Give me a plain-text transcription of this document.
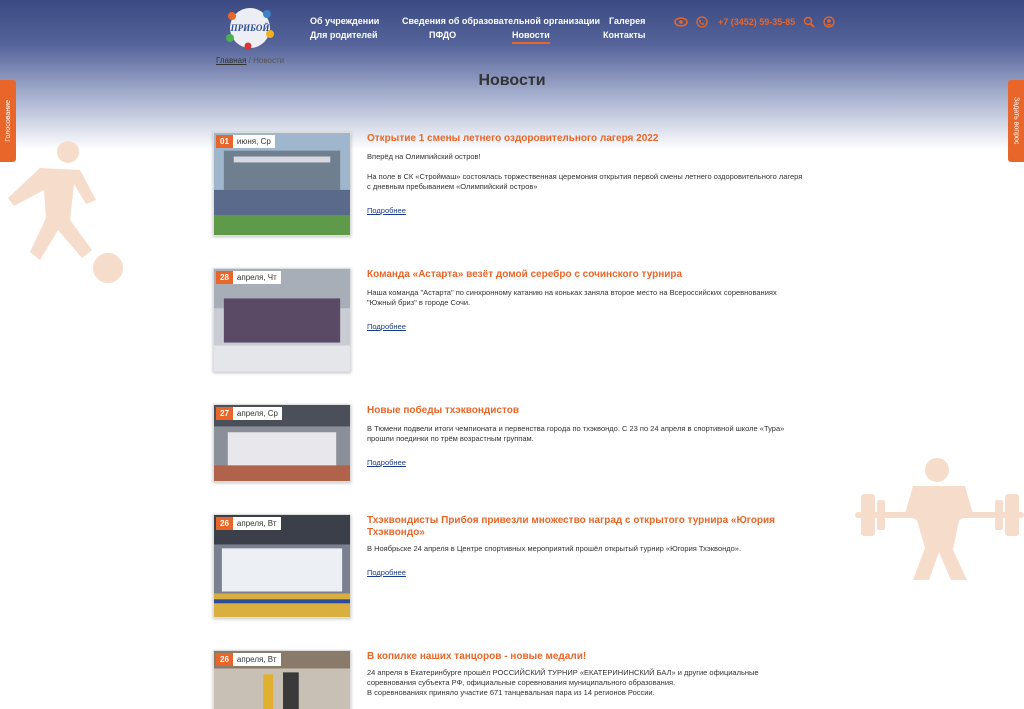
ПРИБОЙ
Об учреждении	Сведения об образовательной организации Галерея
Для родителей	ПФДО	Новости	Контакты
+7 (3452) 59-35-85
Главная / Новости
Новости
Голосование	Задать вопрос
01	июня, Ср	Открытие 1 смены летнего оздоровительного лагеря 2022

Вперёд на Олимпийский остров!

На поле в СК «Строймаш» состоялась торжественная церемония открытия первой смены летнего оздоровительного лагеря с дневным пребыванием «Олимпийский остров»

Подробнее
28	апреля, Чт	Команда «Астарта» везёт домой серебро с сочинского турнира

Наша команда "Астарта" по синхронному катанию на коньках заняла второе место на Всероссийских соревнованиях "Южный бриз" в городе Сочи.

Подробнее
27	апреля, Ср	Новые победы тхэквондистов

В Тюмени подвели итоги чемпионата и первенства города по тхэквондо. С 23 по 24 апреля в спортивной школе «Тура» прошли поединки по трём возрастным группам.

Подробнее
26	апреля, Вт	Тхэквондисты Прибоя привезли множество наград с открытого турнира «Югория Тхэквондо»

В Ноябрьске 24 апреля в Центре спортивных мероприятий прошёл открытый турнир «Югория Тхэквондо».

Подробнее
26	апреля, Вт	В копилке наших танцоров - новые медали!

24 апреля в Екатеринбурге прошёл РОССИЙСКИЙ ТУРНИР «ЕКАТЕРИНИНСКИЙ БАЛ» и другие официальные соревнования субъекта РФ, официальные соревнования муниципального образования.

В соревнованиях приняло участие 671 танцевальная пара из 14 регионов России.
